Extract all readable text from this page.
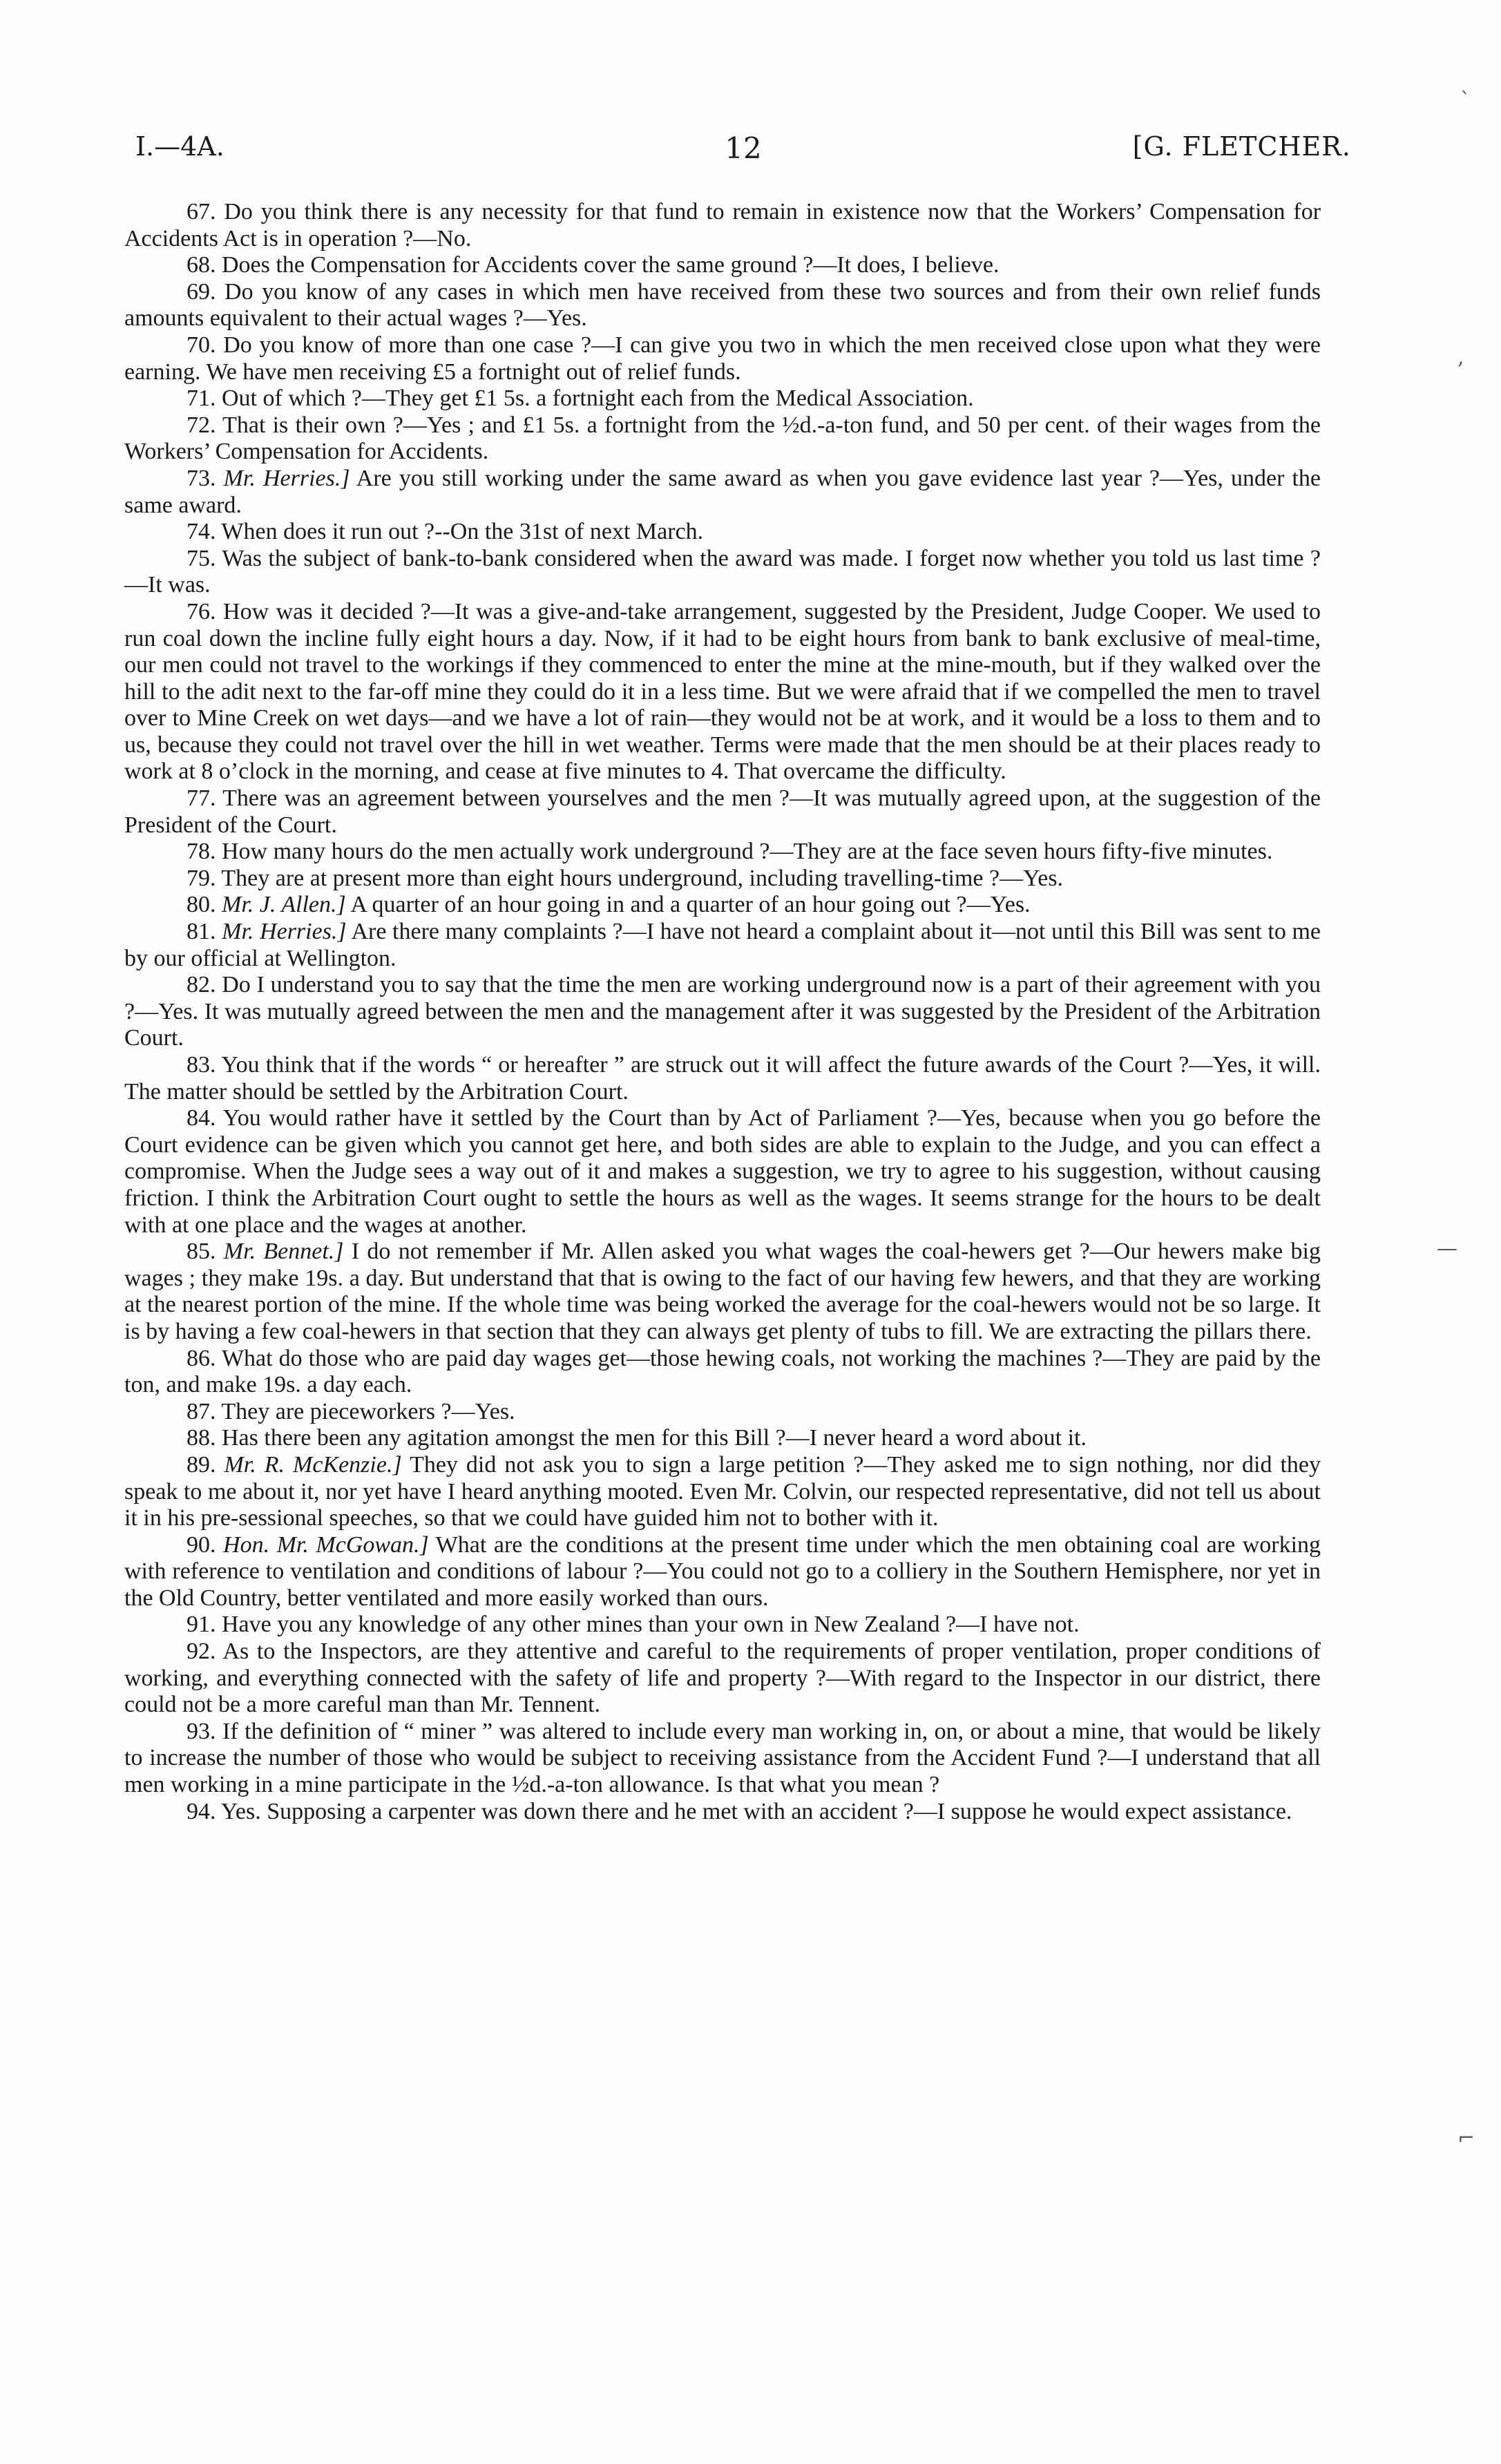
I.—4A.	12	[G. FLETCHER.

67. Do you think there is any necessity for that fund to remain in existence now that the Workers’ Compensation for Accidents Act is in operation ?—No.

68. Does the Compensation for Accidents cover the same ground ?—It does, I believe.

69. Do you know of any cases in which men have received from these two sources and from their own relief funds amounts equivalent to their actual wages ?—Yes.

70. Do you know of more than one case ?—I can give you two in which the men received close upon what they were earning. We have men receiving £5 a fortnight out of relief funds.

71. Out of which ?—They get £1 5s. a fortnight each from the Medical Association.

72. That is their own ?—Yes ; and £1 5s. a fortnight from the ½d.-a-ton fund, and 50 per cent. of their wages from the Workers’ Compensation for Accidents.

73. Mr. Herries.] Are you still working under the same award as when you gave evidence last year ?—Yes, under the same award.

74. When does it run out ?--On the 31st of next March.

75. Was the subject of bank-to-bank considered when the award was made. I forget now whether you told us last time ?—It was.

76. How was it decided ?—It was a give-and-take arrangement, suggested by the President, Judge Cooper. We used to run coal down the incline fully eight hours a day. Now, if it had to be eight hours from bank to bank exclusive of meal-time, our men could not travel to the workings if they commenced to enter the mine at the mine-mouth, but if they walked over the hill to the adit next to the far-off mine they could do it in a less time. But we were afraid that if we compelled the men to travel over to Mine Creek on wet days—and we have a lot of rain—they would not be at work, and it would be a loss to them and to us, because they could not travel over the hill in wet weather. Terms were made that the men should be at their places ready to work at 8 o’clock in the morning, and cease at five minutes to 4. That overcame the difficulty.

77. There was an agreement between yourselves and the men ?—It was mutually agreed upon, at the suggestion of the President of the Court.

78. How many hours do the men actually work underground ?—They are at the face seven hours fifty-five minutes.

79. They are at present more than eight hours underground, including travelling-time ?—Yes.

80. Mr. J. Allen.] A quarter of an hour going in and a quarter of an hour going out ?—Yes.

81. Mr. Herries.] Are there many complaints ?—I have not heard a complaint about it—not until this Bill was sent to me by our official at Wellington.

82. Do I understand you to say that the time the men are working underground now is a part of their agreement with you ?—Yes. It was mutually agreed between the men and the management after it was suggested by the President of the Arbitration Court.

83. You think that if the words “ or hereafter ” are struck out it will affect the future awards of the Court ?—Yes, it will. The matter should be settled by the Arbitration Court.

84. You would rather have it settled by the Court than by Act of Parliament ?—Yes, because when you go before the Court evidence can be given which you cannot get here, and both sides are able to explain to the Judge, and you can effect a compromise. When the Judge sees a way out of it and makes a suggestion, we try to agree to his suggestion, without causing friction. I think the Arbitration Court ought to settle the hours as well as the wages. It seems strange for the hours to be dealt with at one place and the wages at another.

85. Mr. Bennet.] I do not remember if Mr. Allen asked you what wages the coal-hewers get ?—Our hewers make big wages ; they make 19s. a day. But understand that that is owing to the fact of our having few hewers, and that they are working at the nearest portion of the mine. If the whole time was being worked the average for the coal-hewers would not be so large. It is by having a few coal-hewers in that section that they can always get plenty of tubs to fill. We are extracting the pillars there.

86. What do those who are paid day wages get—those hewing coals, not working the machines ?—They are paid by the ton, and make 19s. a day each.

87. They are pieceworkers ?—Yes.

88. Has there been any agitation amongst the men for this Bill ?—I never heard a word about it.

89. Mr. R. McKenzie.] They did not ask you to sign a large petition ?—They asked me to sign nothing, nor did they speak to me about it, nor yet have I heard anything mooted. Even Mr. Colvin, our respected representative, did not tell us about it in his pre-sessional speeches, so that we could have guided him not to bother with it.

90. Hon. Mr. McGowan.] What are the conditions at the present time under which the men obtaining coal are working with reference to ventilation and conditions of labour ?—You could not go to a colliery in the Southern Hemisphere, nor yet in the Old Country, better ventilated and more easily worked than ours.

91. Have you any knowledge of any other mines than your own in New Zealand ?—I have not.

92. As to the Inspectors, are they attentive and careful to the requirements of proper ventilation, proper conditions of working, and everything connected with the safety of life and property ?—With regard to the Inspector in our district, there could not be a more careful man than Mr. Tennent.

93. If the definition of “ miner ” was altered to include every man working in, on, or about a mine, that would be likely to increase the number of those who would be subject to receiving assistance from the Accident Fund ?—I understand that all men working in a mine participate in the ½d.-a-ton allowance. Is that what you mean ?

94. Yes. Supposing a carpenter was down there and he met with an accident ?—I suppose he would expect assistance.

`
,
—
⌐
